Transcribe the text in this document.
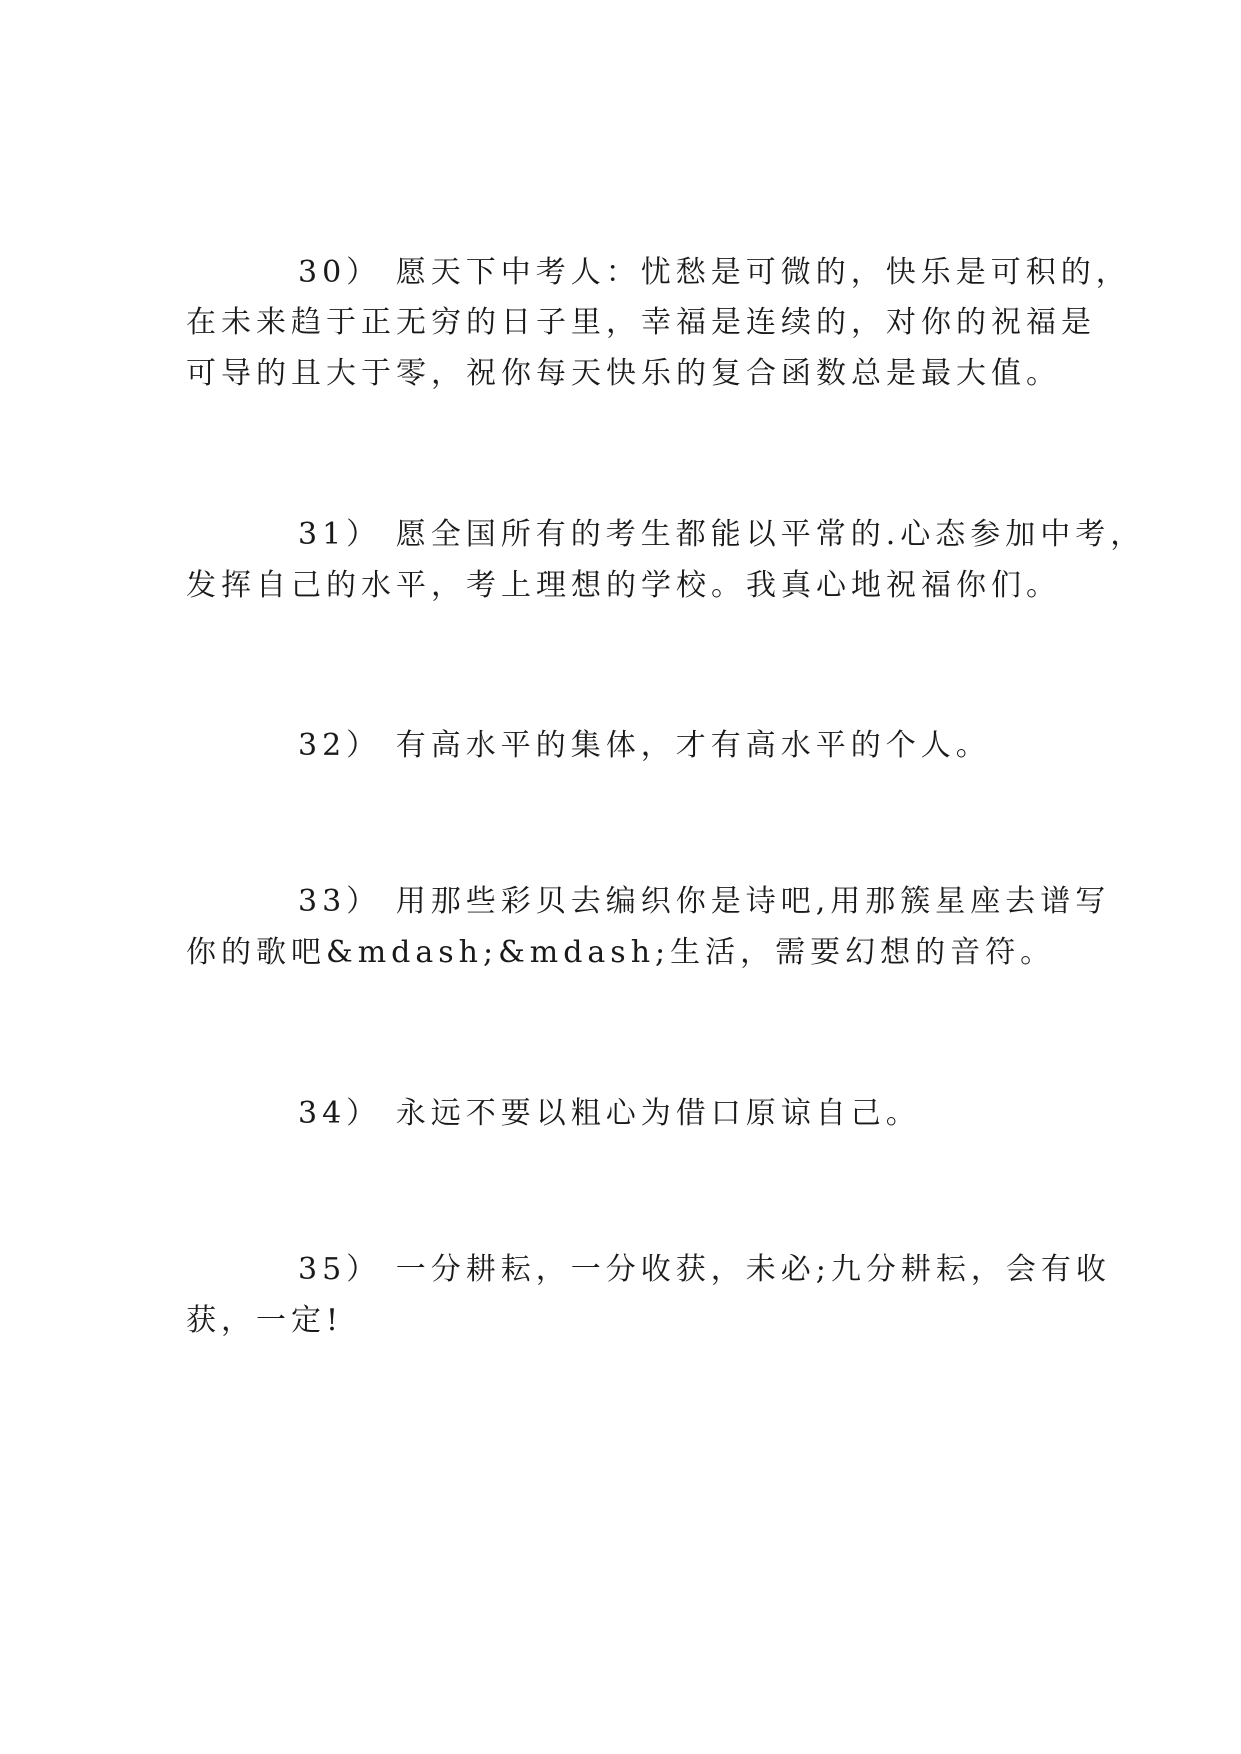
30） 愿天下中考人：忧愁是可微的，快乐是可积的，
在未来趋于正无穷的日子里，幸福是连续的，对你的祝福是
可导的且大于零，祝你每天快乐的复合函数总是最大值。
31） 愿全国所有的考生都能以平常的.心态参加中考，
发挥自己的水平，考上理想的学校。我真心地祝福你们。
32） 有高水平的集体，才有高水平的个人。
33） 用那些彩贝去编织你是诗吧,用那簇星座去谱写
你的歌吧&mdash;&mdash;生活，需要幻想的音符。
34） 永远不要以粗心为借口原谅自己。
35） 一分耕耘，一分收获，未必;九分耕耘，会有收
获，一定!
